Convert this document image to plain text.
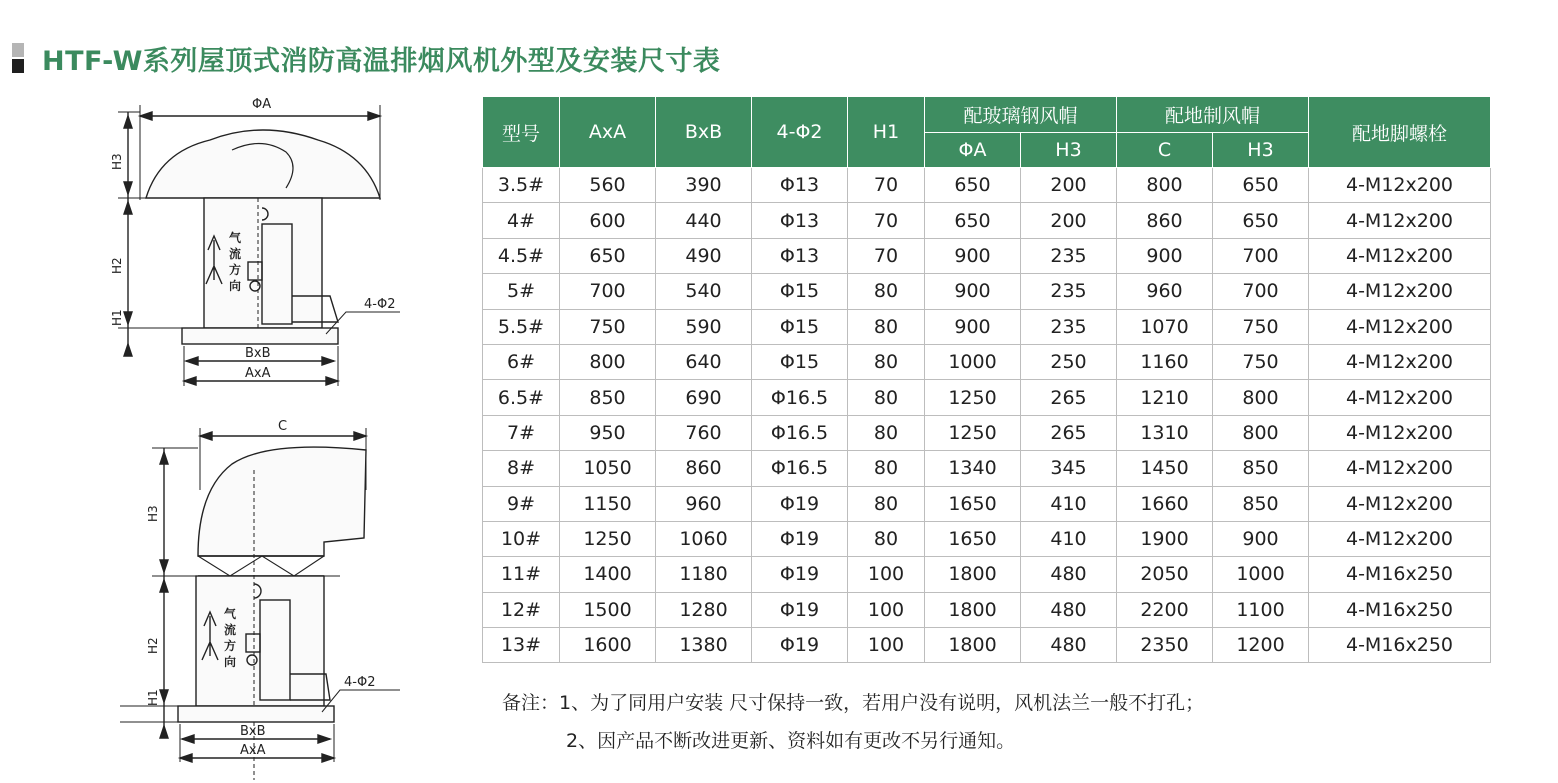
HTF-W系列屋顶式消防高温排烟风机外型及安装尺寸表
ΦA
气
流
方
向
H3
H2
H1
4-Φ2
BxB
AxA
C
气
流
方
向
H3
H2
H1
4-Φ2
BxB
AxA
型号	AxA	BxB	4-Φ2	H1	配玻璃钢风帽		配地制风帽		配地脚螺栓
					ΦA	H3	C	H3	
3.5#	560	390	Φ13	70	650	200	800	650	4-M12x200
4#	600	440	Φ13	70	650	200	860	650	4-M12x200
4.5#	650	490	Φ13	70	900	235	900	700	4-M12x200
5#	700	540	Φ15	80	900	235	960	700	4-M12x200
5.5#	750	590	Φ15	80	900	235	1070	750	4-M12x200
6#	800	640	Φ15	80	1000	250	1160	750	4-M12x200
6.5#	850	690	Φ16.5	80	1250	265	1210	800	4-M12x200
7#	950	760	Φ16.5	80	1250	265	1310	800	4-M12x200
8#	1050	860	Φ16.5	80	1340	345	1450	850	4-M12x200
9#	1150	960	Φ19	80	1650	410	1660	850	4-M12x200
10#	1250	1060	Φ19	80	1650	410	1900	900	4-M12x200
11#	1400	1180	Φ19	100	1800	480	2050	1000	4-M16x250
12#	1500	1280	Φ19	100	1800	480	2200	1100	4-M16x250
13#	1600	1380	Φ19	100	1800	480	2350	1200	4-M16x250
备注：1、为了同用户安装 尺寸保持一致，若用户没有说明，风机法兰一般不打孔；
2、因产品不断改进更新、资料如有更改不另行通知。
